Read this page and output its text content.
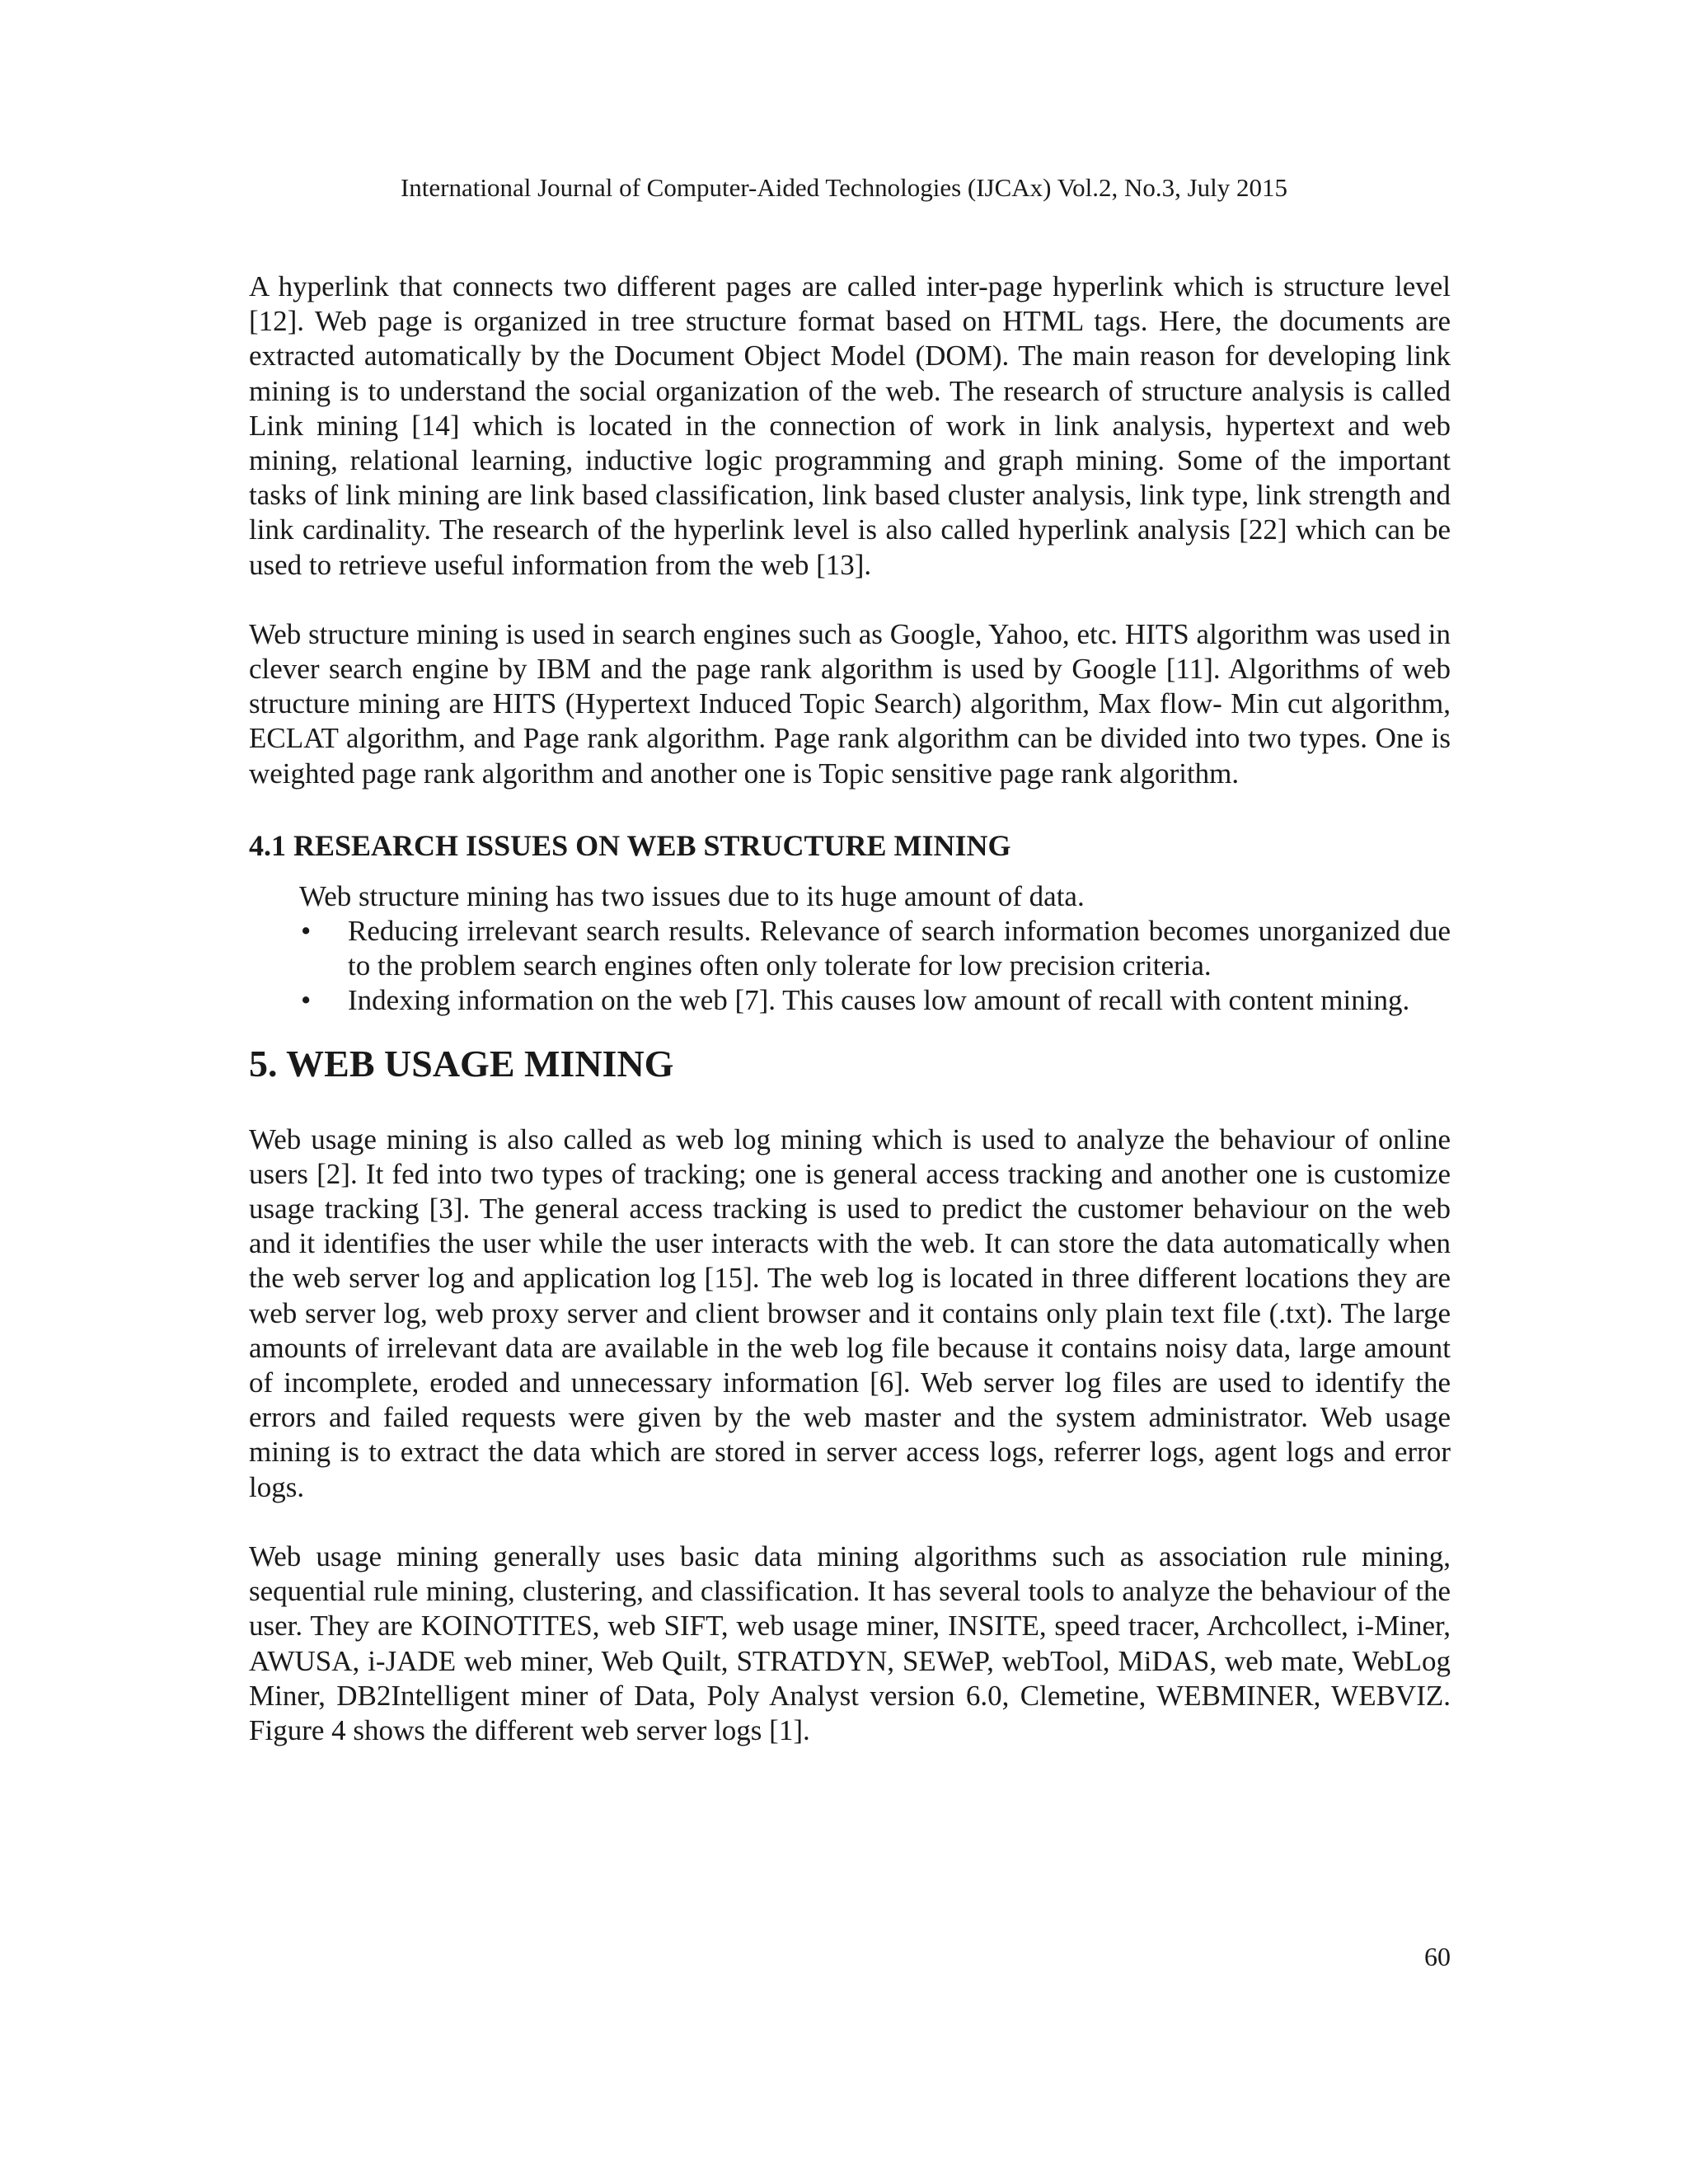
International Journal of Computer-Aided Technologies (IJCAx) Vol.2, No.3, July 2015

A hyperlink that connects two different pages are called inter-page hyperlink which is structure level [12]. Web page is organized in tree structure format based on HTML tags. Here, the documents are extracted automatically by the Document Object Model (DOM). The main reason for developing link mining is to understand the social organization of the web. The research of structure analysis is called Link mining [14] which is located in the connection of work in link analysis, hypertext and web mining, relational learning, inductive logic programming and graph mining. Some of the important tasks of link mining are link based classification, link based cluster analysis, link type, link strength and link cardinality. The research of the hyperlink level is also called hyperlink analysis [22] which can be used to retrieve useful information from the web [13].

Web structure mining is used in search engines such as Google, Yahoo, etc. HITS algorithm was used in clever search engine by IBM and the page rank algorithm is used by Google [11]. Algorithms of web structure mining are HITS (Hypertext Induced Topic Search) algorithm, Max flow- Min cut algorithm, ECLAT algorithm, and Page rank algorithm. Page rank algorithm can be divided into two types. One is weighted page rank algorithm and another one is Topic sensitive page rank algorithm.

4.1 RESEARCH ISSUES ON WEB STRUCTURE MINING

Web structure mining has two issues due to its huge amount of data.

• Reducing irrelevant search results. Relevance of search information becomes unorganized due to the problem search engines often only tolerate for low precision criteria.
• Indexing information on the web [7]. This causes low amount of recall with content mining.
5. WEB USAGE MINING

Web usage mining is also called as web log mining which is used to analyze the behaviour of online users [2]. It fed into two types of tracking; one is general access tracking and another one is customize usage tracking [3]. The general access tracking is used to predict the customer behaviour on the web and it identifies the user while the user interacts with the web. It can store the data automatically when the web server log and application log [15]. The web log is located in three different locations they are web server log, web proxy server and client browser and it contains only plain text file (.txt). The large amounts of irrelevant data are available in the web log file because it contains noisy data, large amount of incomplete, eroded and unnecessary information [6]. Web server log files are used to identify the errors and failed requests were given by the web master and the system administrator. Web usage mining is to extract the data which are stored in server access logs, referrer logs, agent logs and error logs.

Web usage mining generally uses basic data mining algorithms such as association rule mining, sequential rule mining, clustering, and classification. It has several tools to analyze the behaviour of the user. They are KOINOTITES, web SIFT, web usage miner, INSITE, speed tracer, Archcollect, i-Miner, AWUSA, i-JADE web miner, Web Quilt, STRATDYN, SEWeP, webTool, MiDAS, web mate, WebLog Miner, DB2Intelligent miner of Data, Poly Analyst version 6.0, Clemetine, WEBMINER, WEBVIZ. Figure 4 shows the different web server logs [1].

60
